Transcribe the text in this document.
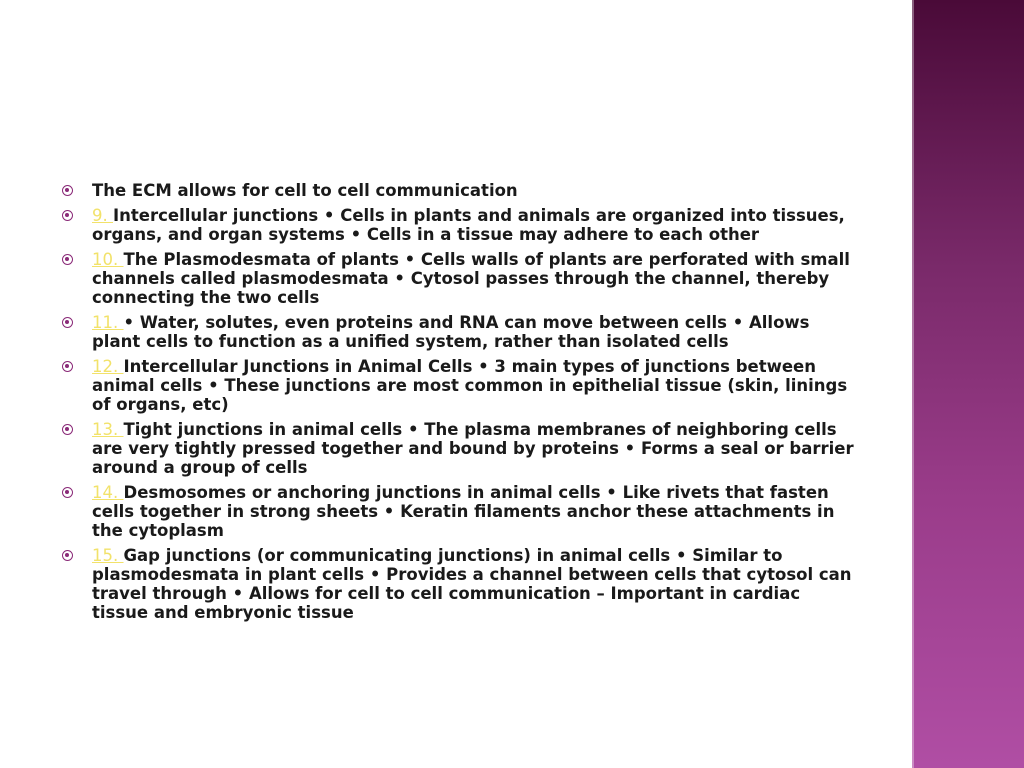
The ECM allows for cell to cell communication
9. Intercellular junctions • Cells in plants and animals are organized into tissues, organs, and organ systems • Cells in a tissue may adhere to each other
10. The Plasmodesmata of plants • Cells walls of plants are perforated with small channels called plasmodesmata • Cytosol passes through the channel, thereby connecting the two cells
11. • Water, solutes, even proteins and RNA can move between cells • Allows plant cells to function as a unified system, rather than isolated cells
12. Intercellular Junctions in Animal Cells • 3 main types of junctions between animal cells • These junctions are most common in epithelial tissue (skin, linings of organs, etc)
13. Tight junctions in animal cells • The plasma membranes of neighboring cells are very tightly pressed together and bound by proteins • Forms a seal or barrier around a group of cells
14. Desmosomes or anchoring junctions in animal cells • Like rivets that fasten cells together in strong sheets • Keratin filaments anchor these attachments in the cytoplasm
15. Gap junctions (or communicating junctions) in animal cells • Similar to plasmodesmata in plant cells • Provides a channel between cells that cytosol can travel through • Allows for cell to cell communication – Important in cardiac tissue and embryonic tissue
